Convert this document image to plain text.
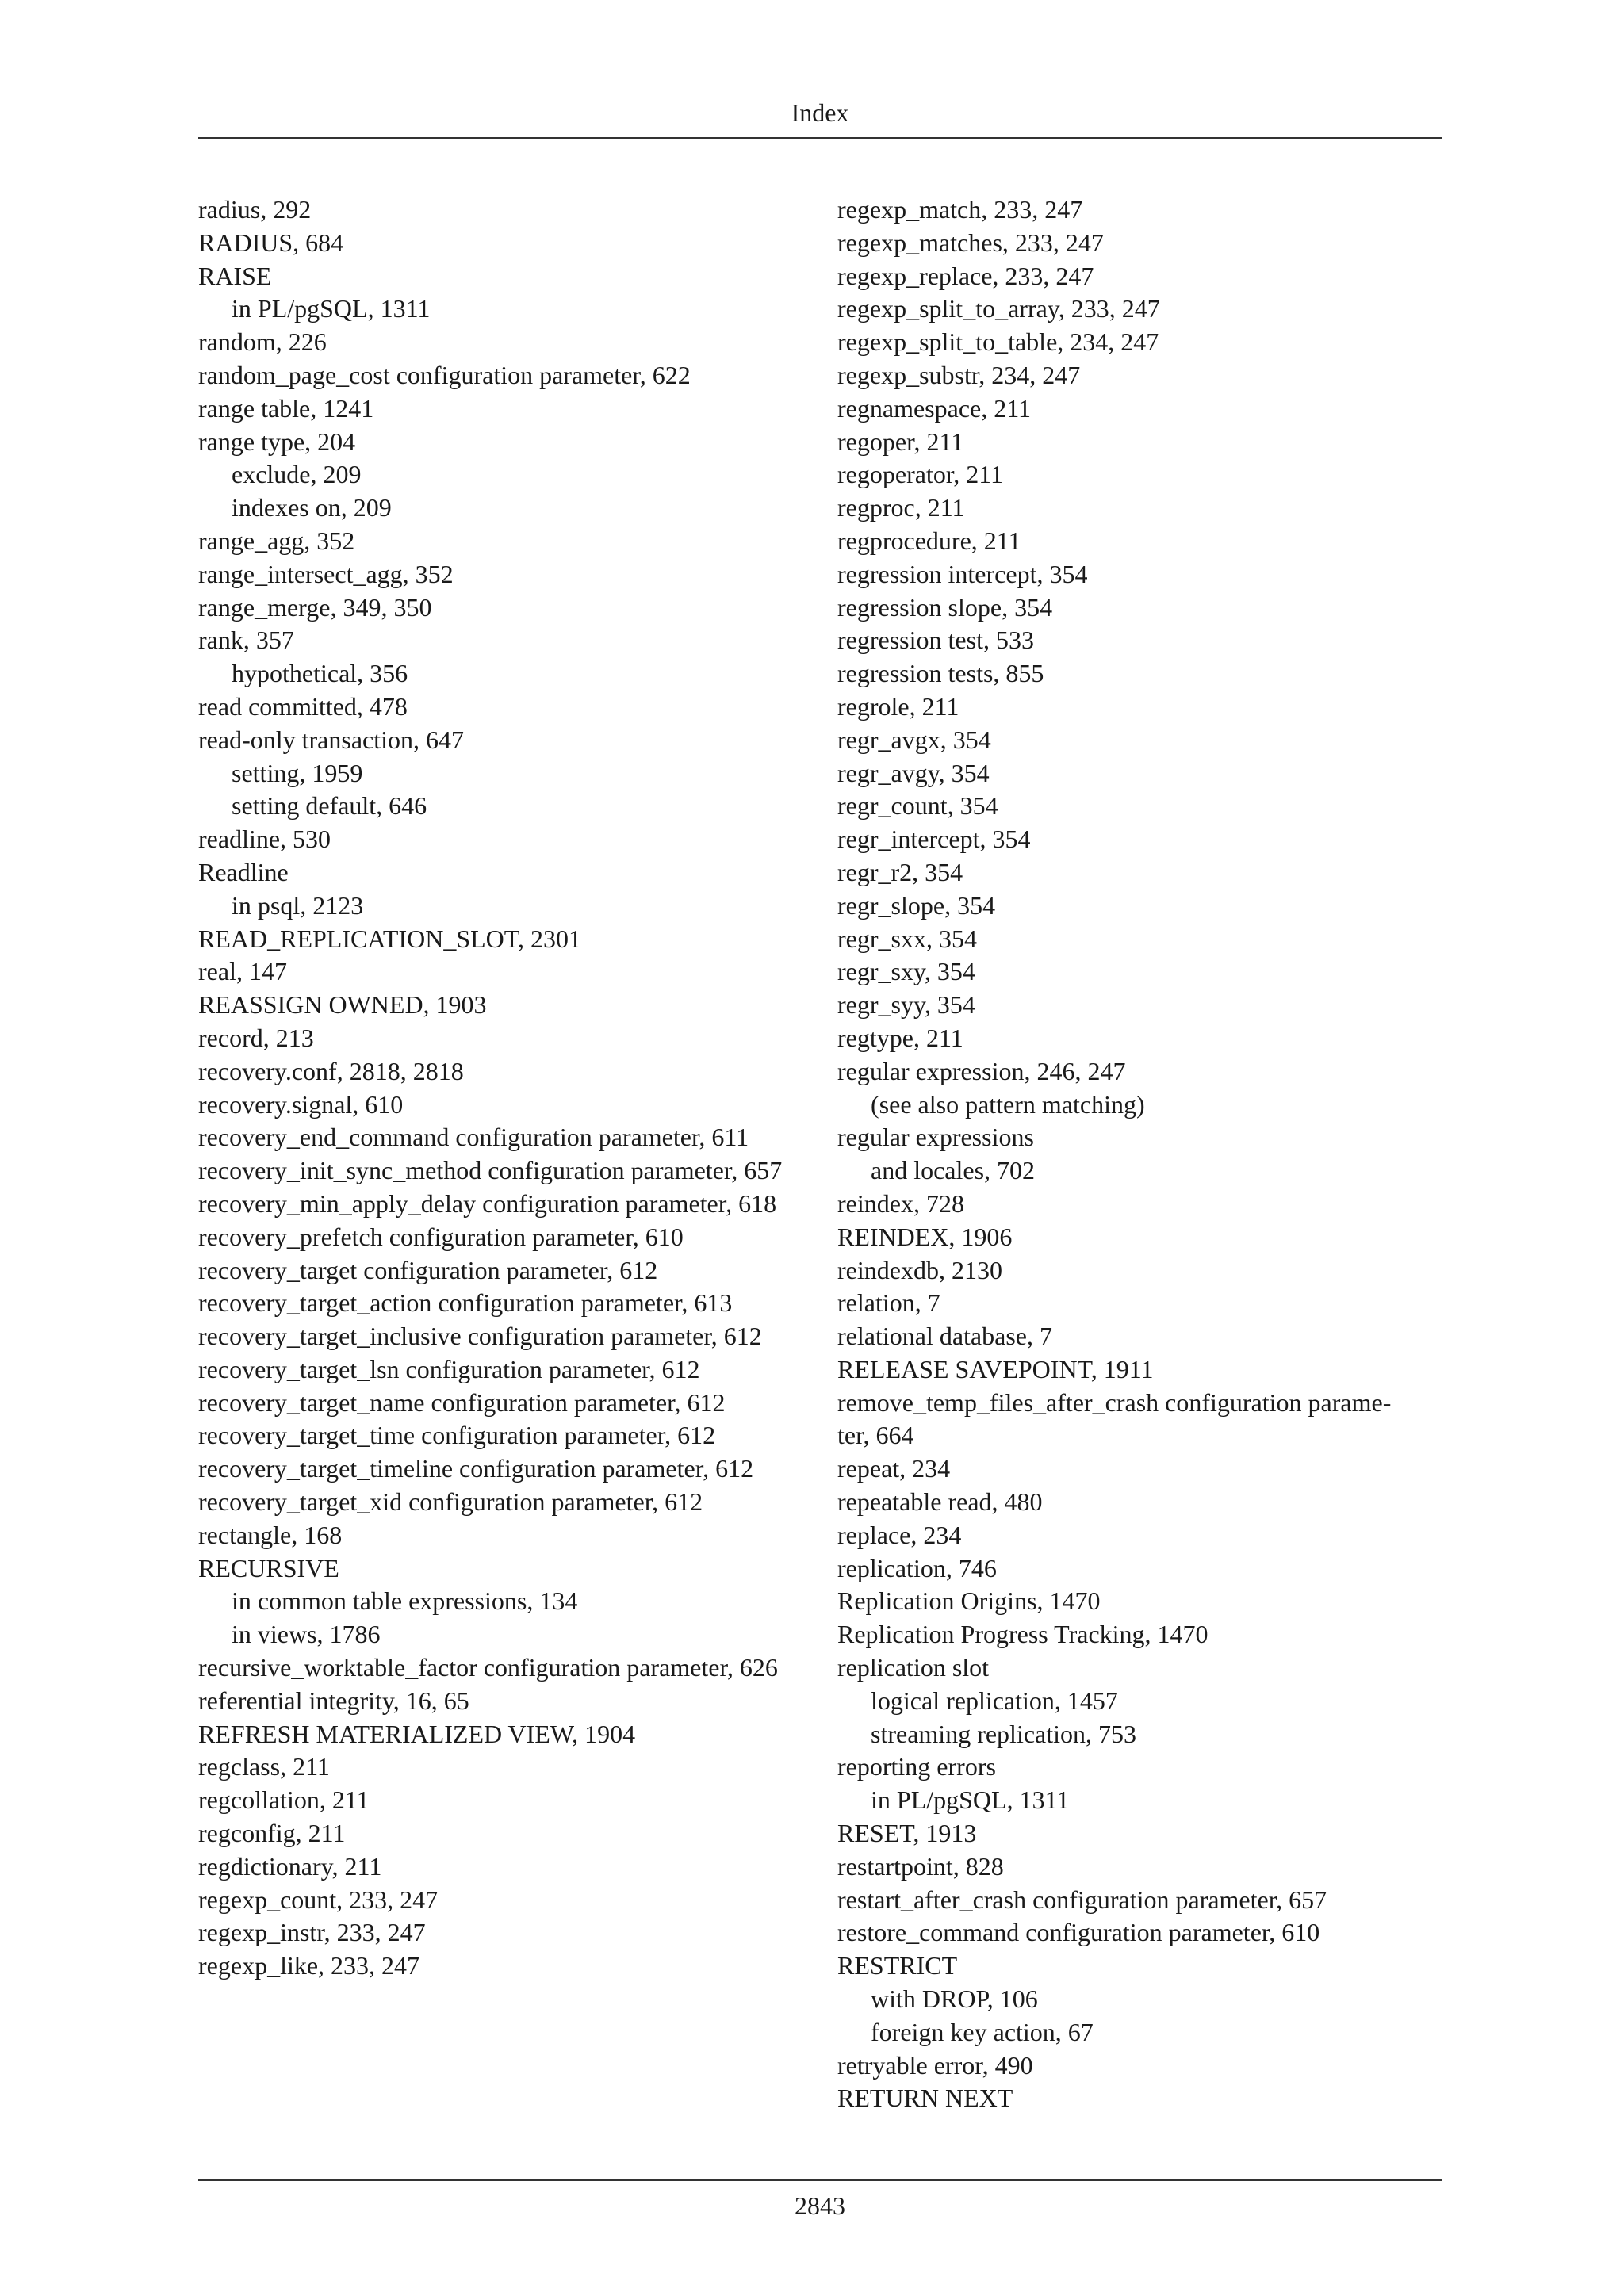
Index
radius, 292
RADIUS, 684
RAISE
in PL/pgSQL, 1311
random, 226
random_page_cost configuration parameter, 622
range table, 1241
range type, 204
exclude, 209
indexes on, 209
range_agg, 352
range_intersect_agg, 352
range_merge, 349, 350
rank, 357
hypothetical, 356
read committed, 478
read-only transaction, 647
setting, 1959
setting default, 646
readline, 530
Readline
in psql, 2123
READ_REPLICATION_SLOT, 2301
real, 147
REASSIGN OWNED, 1903
record, 213
recovery.conf, 2818, 2818
recovery.signal, 610
recovery_end_command configuration parameter, 611
recovery_init_sync_method configuration parameter, 657
recovery_min_apply_delay configuration parameter, 618
recovery_prefetch configuration parameter, 610
recovery_target configuration parameter, 612
recovery_target_action configuration parameter, 613
recovery_target_inclusive configuration parameter, 612
recovery_target_lsn configuration parameter, 612
recovery_target_name configuration parameter, 612
recovery_target_time configuration parameter, 612
recovery_target_timeline configuration parameter, 612
recovery_target_xid configuration parameter, 612
rectangle, 168
RECURSIVE
in common table expressions, 134
in views, 1786
recursive_worktable_factor configuration parameter, 626
referential integrity, 16, 65
REFRESH MATERIALIZED VIEW, 1904
regclass, 211
regcollation, 211
regconfig, 211
regdictionary, 211
regexp_count, 233, 247
regexp_instr, 233, 247
regexp_like, 233, 247
regexp_match, 233, 247
regexp_matches, 233, 247
regexp_replace, 233, 247
regexp_split_to_array, 233, 247
regexp_split_to_table, 234, 247
regexp_substr, 234, 247
regnamespace, 211
regoper, 211
regoperator, 211
regproc, 211
regprocedure, 211
regression intercept, 354
regression slope, 354
regression test, 533
regression tests, 855
regrole, 211
regr_avgx, 354
regr_avgy, 354
regr_count, 354
regr_intercept, 354
regr_r2, 354
regr_slope, 354
regr_sxx, 354
regr_sxy, 354
regr_syy, 354
regtype, 211
regular expression, 246, 247
(see also pattern matching)
regular expressions
and locales, 702
reindex, 728
REINDEX, 1906
reindexdb, 2130
relation, 7
relational database, 7
RELEASE SAVEPOINT, 1911
remove_temp_files_after_crash configuration parame-
ter, 664
repeat, 234
repeatable read, 480
replace, 234
replication, 746
Replication Origins, 1470
Replication Progress Tracking, 1470
replication slot
logical replication, 1457
streaming replication, 753
reporting errors
in PL/pgSQL, 1311
RESET, 1913
restartpoint, 828
restart_after_crash configuration parameter, 657
restore_command configuration parameter, 610
RESTRICT
with DROP, 106
foreign key action, 67
retryable error, 490
RETURN NEXT
2843
